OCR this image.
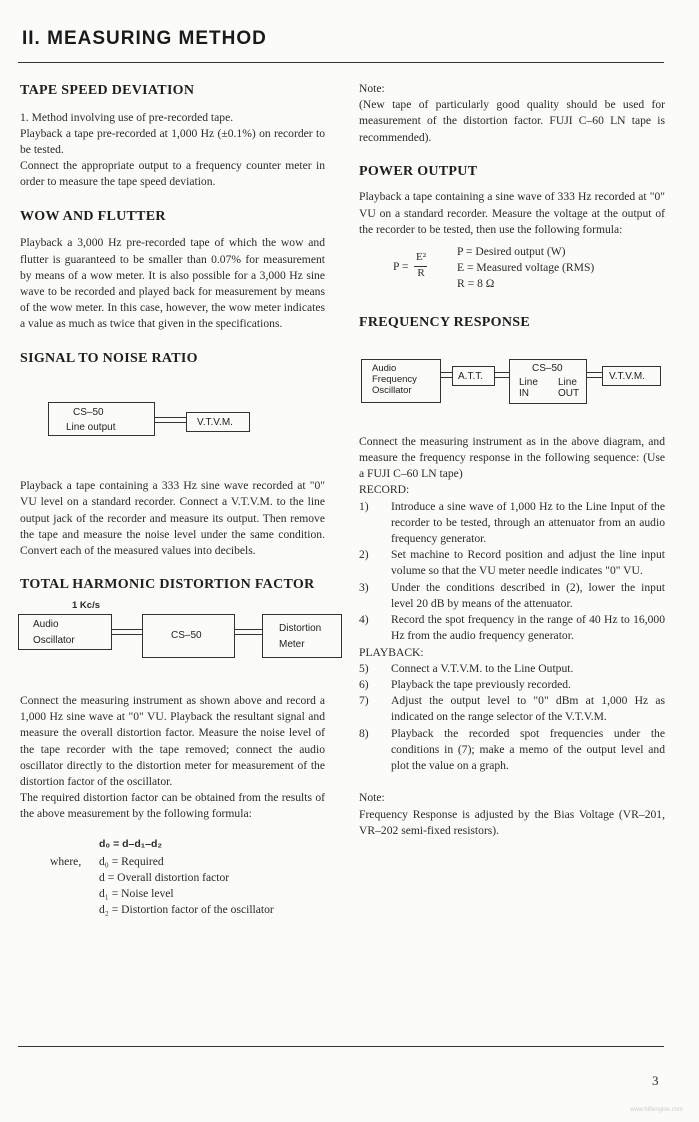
II. MEASURING METHOD
TAPE SPEED DEVIATION

1. Method involving use of pre-recorded tape.

Playback a tape pre-recorded at 1,000 Hz (±0.1%) on recorder to be tested.

Connect the appropriate output to a frequency counter meter in order to measure the tape speed deviation.

WOW AND FLUTTER

Playback a 3,000 Hz pre-recorded tape of which the wow and flutter is guaranteed to be smaller than 0.07% for measurement by means of a wow meter. It is also possible for a 3,000 Hz sine wave to be recorded and played back for measurement by means of the wow meter. In this case, however, the wow meter indicates a value as much as twice that given in the specifications.

SIGNAL TO NOISE RATIO
CS–50
Line output	V.T.V.M.

Playback a tape containing a 333 Hz sine wave recorded at "0" VU level on a standard recorder. Connect a V.T.V.M. to the line output jack of the recorder and measure its output. Then remove the tape and measure the noise level under the same condition. Convert each of the measured values into decibels.

TOTAL HARMONIC DISTORTION FACTOR
1 Kc/s
Audio
Oscillator	CS–50
Distortion
Meter

Connect the measuring instrument as shown above and record a 1,000 Hz sine wave at "0" VU. Playback the resultant signal and measure the overall distortion factor. Measure the noise level of the tape recorder with the tape removed; connect the audio oscillator directly to the distortion meter for measurement of the distortion factor of the oscillator.

The required distortion factor can be obtained from the results of the above measurement by the following formula:

d₀ = d–d₁–d₂
where, d₀ = Required
d = Overall distortion factor
d₁ = Noise level
d₂ = Distortion factor of the oscillator

Note:

(New tape of particularly good quality should be used for measurement of the distortion factor. FUJI C–60 LN tape is recommended).

POWER OUTPUT

Playback a tape containing a sine wave of 333 Hz recorded at "0" VU on a standard recorder. Measure the voltage at the output of the recorder to be tested, then use the following formula:

P =
E²
R
P = Desired output (W)
E = Measured voltage (RMS)
R = 8 Ω
FREQUENCY RESPONSE
Audio
Frequency
Oscillator
A.T.T.
CS–50
Line
IN
Line
OUT
V.T.V.M.

Connect the measuring instrument as in the above diagram, and measure the frequency response in the following sequence: (Use a FUJI C–60 LN tape)

RECORD:

1) Introduce a sine wave of 1,000 Hz to the Line Input of the recorder to be tested, through an attenuator from an audio frequency generator.
2) Set machine to Record position and adjust the line input volume so that the VU meter needle indicates "0" VU.
3) Under the conditions described in (2), lower the input level 20 dB by means of the attenuator.
4) Record the spot frequency in the range of 40 Hz to 16,000 Hz from the audio frequency generator.

PLAYBACK:

5) Connect a V.T.V.M. to the Line Output.
6) Playback the tape previously recorded.
7) Adjust the output level to "0" dBm at 1,000 Hz as indicated on the range selector of the V.T.V.M.
8) Playback the recorded spot frequencies under the conditions in (7); make a memo of the output level and plot the value on a graph.

Note:

Frequency Response is adjusted by the Bias Voltage (VR–201, VR–202 semi-fixed resistors).

3
www.hifiengine.com
